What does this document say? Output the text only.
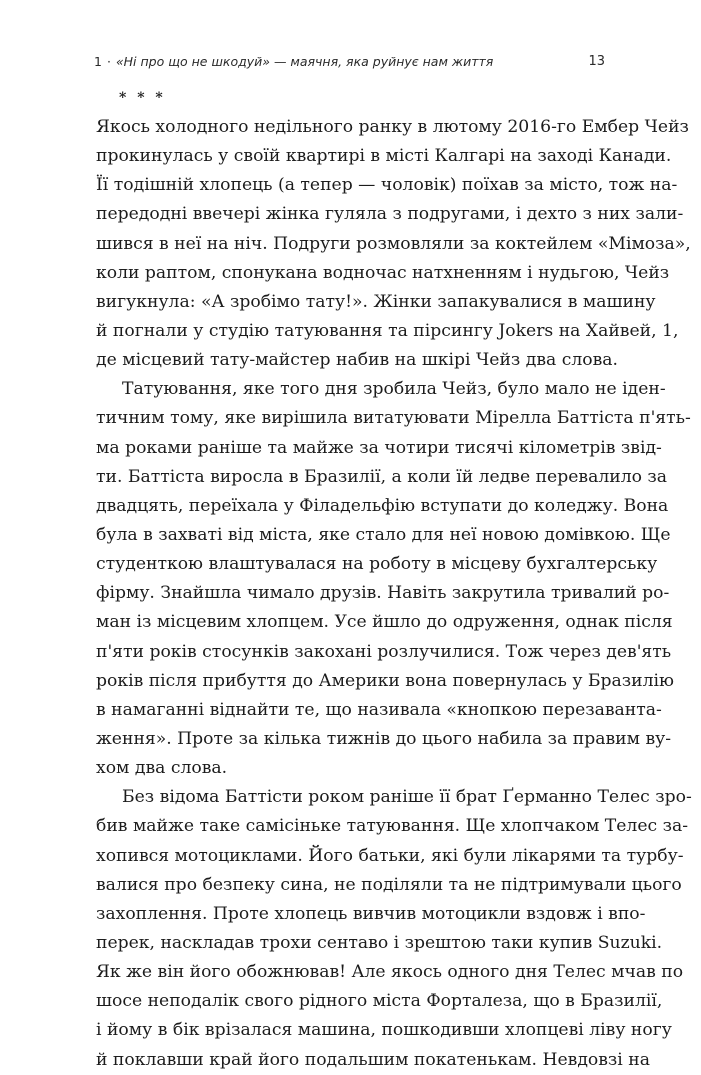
1 · «Ні про що не шкодуй» — маячня, яка руйнує нам життя	13
* * *
Якось холодного недільного ранку в лютому 2016-го Ембер Чейз
прокинулась у своїй квартирі в місті Калгарі на заході Канади.
Її тодішній хлопець (а тепер — чоловік) поїхав за місто, тож на-
передодні ввечері жінка гуляла з подругами, і дехто з них зали-
шився в неї на ніч. Подруги розмовляли за коктейлем «Мімоза»,
коли раптом, спонукана водночас натхненням і нудьгою, Чейз
вигукнула: «А зробімо тату!». Жінки запакувалися в машину
й погнали у студію татуювання та пірсингу Jokers на Хайвей, 1,
де місцевий тату-майстер набив на шкірі Чейз два слова.
Татуювання, яке того дня зробила Чейз, було мало не іден-
тичним тому, яке вирішила витатуювати Мірелла Баттіста п'ять-
ма роками раніше та майже за чотири тисячі кілометрів звід-
ти. Баттіста виросла в Бразилії, а коли їй ледве перевалило за
двадцять, переїхала у Філадельфію вступати до коледжу. Вона
була в захваті від міста, яке стало для неї новою домівкою. Ще
студенткою влаштувалася на роботу в місцеву бухгалтерську
фірму. Знайшла чимало друзів. Навіть закрутила тривалий ро-
ман із місцевим хлопцем. Усе йшло до одруження, однак після
п'яти років стосунків закохані розлучилися. Тож через дев'ять
років після прибуття до Америки вона повернулась у Бразилію
в намаганні віднайти те, що називала «кнопкою перезаванта-
ження». Проте за кілька тижнів до цього набила за правим ву-
хом два слова.
Без відома Баттісти роком раніше її брат Ґерманно Телес зро-
бив майже таке самісіньке татуювання. Ще хлопчаком Телес за-
хопився мотоциклами. Його батьки, які були лікарями та турбу-
валися про безпеку сина, не поділяли та не підтримували цього
захоплення. Проте хлопець вивчив мотоцикли вздовж і впо-
перек, наскладав трохи сентаво і зрештою таки купив Suzuki.
Як же він його обожнював! Але якось одного дня Телес мчав по
шосе неподалік свого рідного міста Форталеза, що в Бразилії,
і йому в бік врізалася машина, пошкодивши хлопцеві ліву ногу
й поклавши край його подальшим покатенькам. Невдовзі на
